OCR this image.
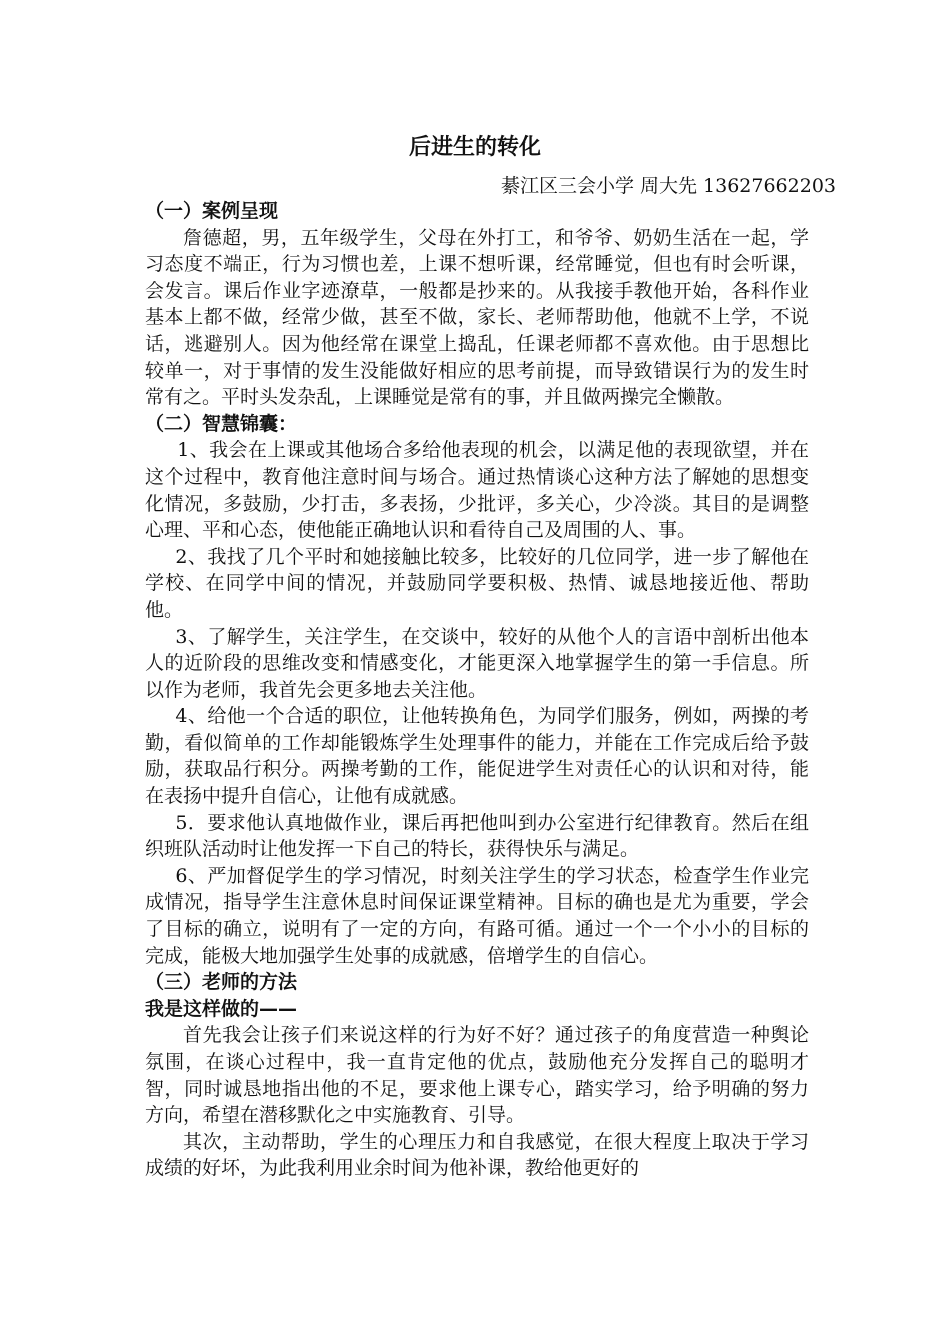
后进生的转化
綦江区三会小学 周大先 13627662203
（一）案例呈现

詹德超，男，五年级学生，父母在外打工，和爷爷、奶奶生活在一起，学习态度不端正，行为习惯也差，上课不想听课，经常睡觉，但也有时会听课，会发言。课后作业字迹潦草，一般都是抄来的。从我接手教他开始，各科作业基本上都不做，经常少做，甚至不做，家长、老师帮助他，他就不上学，不说话，逃避别人。因为他经常在课堂上捣乱，任课老师都不喜欢他。由于思想比较单一，对于事情的发生没能做好相应的思考前提，而导致错误行为的发生时常有之。平时头发杂乱，上课睡觉是常有的事，并且做两操完全懒散。

（二）智慧锦囊：

1、我会在上课或其他场合多给他表现的机会，以满足他的表现欲望，并在这个过程中，教育他注意时间与场合。通过热情谈心这种方法了解她的思想变化情况，多鼓励，少打击，多表扬，少批评，多关心，少冷淡。其目的是调整心理、平和心态，使他能正确地认识和看待自己及周围的人、事。

2、我找了几个平时和她接触比较多，比较好的几位同学，进一步了解他在学校、在同学中间的情况，并鼓励同学要积极、热情、诚恳地接近他、帮助他。

3、了解学生，关注学生，在交谈中，较好的从他个人的言语中剖析出他本人的近阶段的思维改变和情感变化，才能更深入地掌握学生的第一手信息。所以作为老师，我首先会更多地去关注他。

4、给他一个合适的职位，让他转换角色，为同学们服务，例如，两操的考勤，看似简单的工作却能锻炼学生处理事件的能力，并能在工作完成后给予鼓励，获取品行积分。两操考勤的工作，能促进学生对责任心的认识和对待，能在表扬中提升自信心，让他有成就感。

5．要求他认真地做作业，课后再把他叫到办公室进行纪律教育。然后在组织班队活动时让他发挥一下自己的特长，获得快乐与满足。

6、严加督促学生的学习情况，时刻关注学生的学习状态，检查学生作业完成情况，指导学生注意休息时间保证课堂精神。目标的确也是尤为重要，学会了目标的确立，说明有了一定的方向，有路可循。通过一个一个小小的目标的完成，能极大地加强学生处事的成就感，倍增学生的自信心。

（三）老师的方法
我是这样做的——

首先我会让孩子们来说这样的行为好不好？通过孩子的角度营造一种舆论氛围，在谈心过程中，我一直肯定他的优点，鼓励他充分发挥自己的聪明才智，同时诚恳地指出他的不足，要求他上课专心，踏实学习，给予明确的努力方向，希望在潜移默化之中实施教育、引导。

其次，主动帮助，学生的心理压力和自我感觉，在很大程度上取决于学习成绩的好坏，为此我利用业余时间为他补课，教给他更好的
